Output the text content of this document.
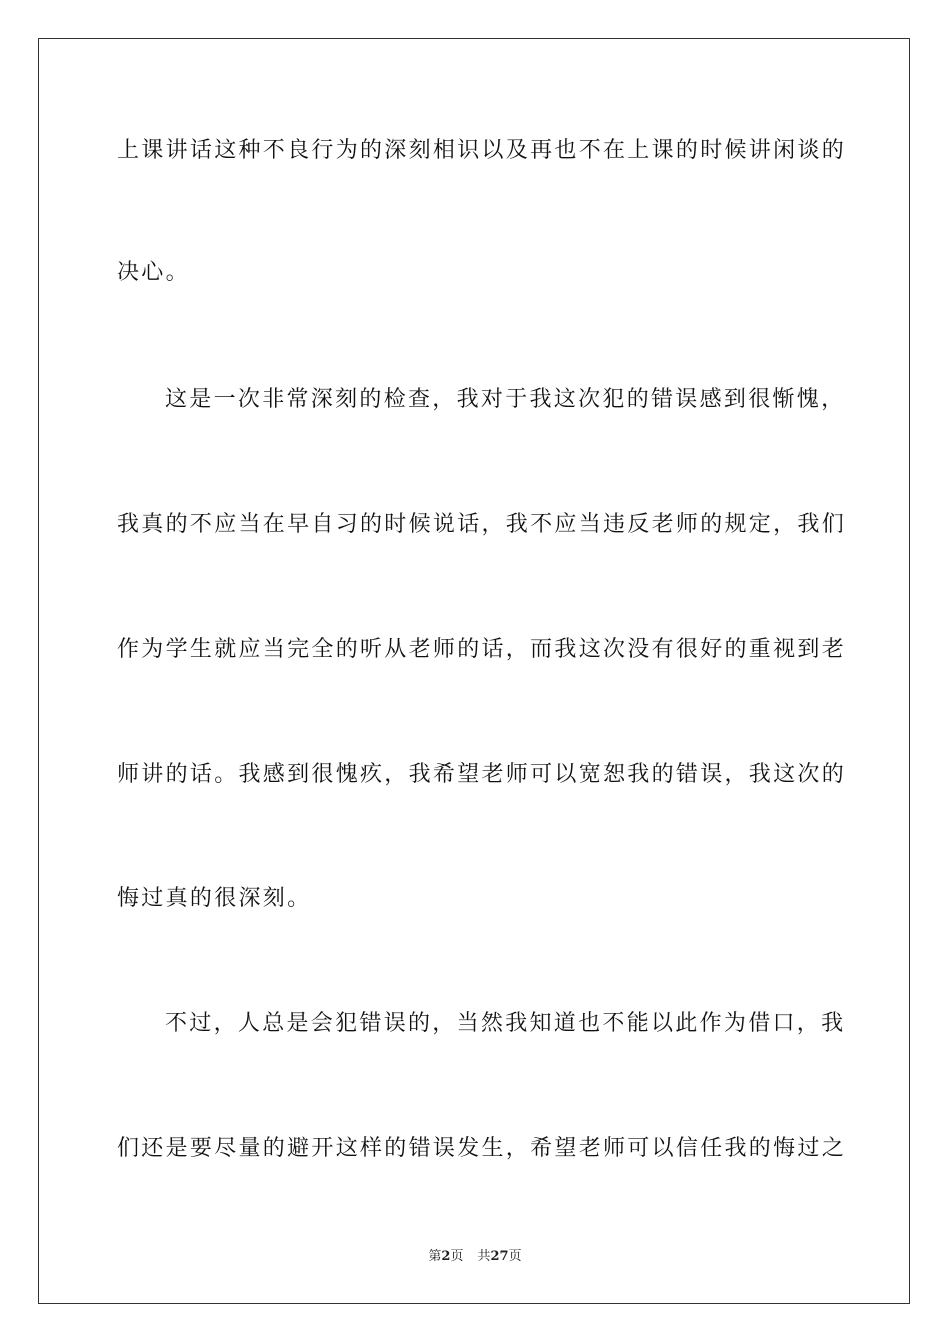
上课讲话这种不良行为的深刻相识以及再也不在上课的时候讲闲谈的
决心。
这是一次非常深刻的检查，我对于我这次犯的错误感到很惭愧，
我真的不应当在早自习的时候说话，我不应当违反老师的规定，我们
作为学生就应当完全的听从老师的话，而我这次没有很好的重视到老
师讲的话。我感到很愧疚，我希望老师可以宽恕我的错误，我这次的
悔过真的很深刻。
不过，人总是会犯错误的，当然我知道也不能以此作为借口，我
们还是要尽量的避开这样的错误发生，希望老师可以信任我的悔过之
第2页 共27页
